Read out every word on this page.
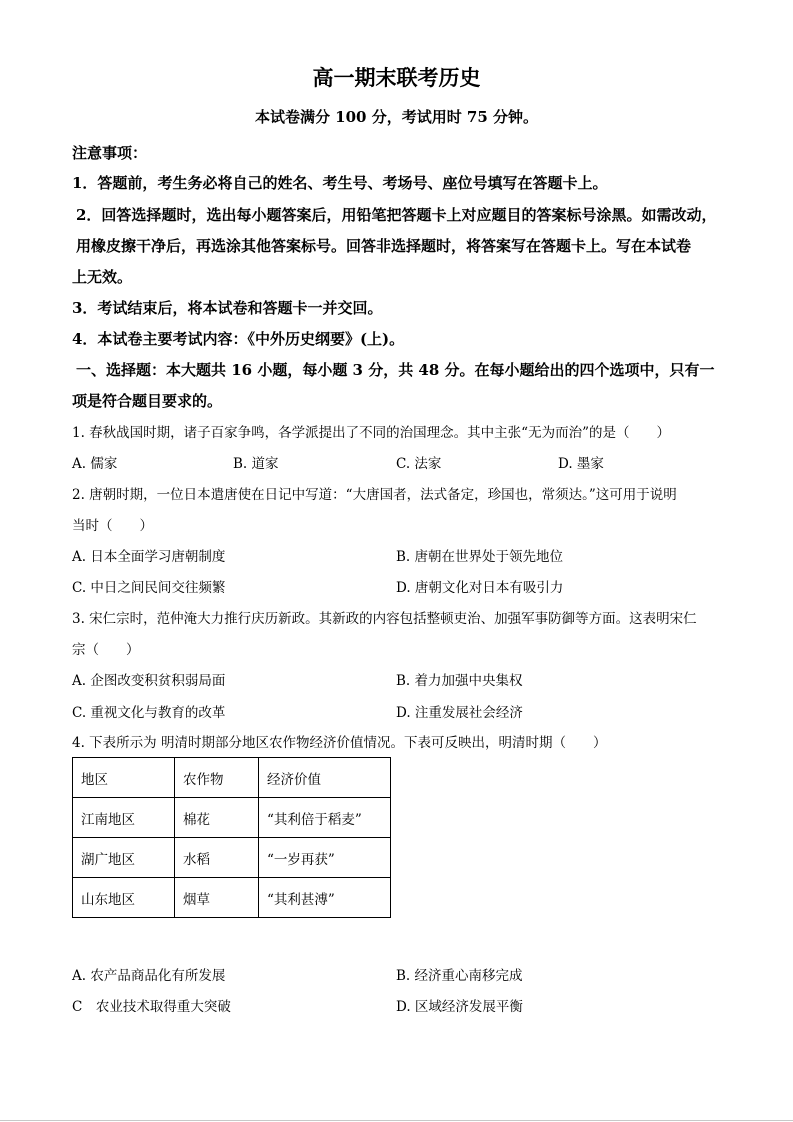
高一期末联考历史
本试卷满分 100 分，考试用时 75 分钟。
注意事项：
1．答题前，考生务必将自己的姓名、考生号、考场号、座位号填写在答题卡上。
2．回答选择题时，选出每小题答案后，用铅笔把答题卡上对应题目的答案标号涂黑。如需改动，
用橡皮擦干净后，再选涂其他答案标号。回答非选择题时，将答案写在答题卡上。写在本试卷
上无效。
3．考试结束后，将本试卷和答题卡一并交回。
4．本试卷主要考试内容：《中外历史纲要》(上)。
一、选择题：本大题共 16 小题，每小题 3 分，共 48 分。在每小题给出的四个选项中，只有一
项是符合题目要求的。
1. 春秋战国时期，诸子百家争鸣，各学派提出了不同的治国理念。其中主张“无为而治”的是（　　）
A. 儒家	B. 道家	C. 法家	D. 墨家
2. 唐朝时期，一位日本遣唐使在日记中写道：“大唐国者，法式备定，珍国也，常须达。”这可用于说明
当时（　　）
A. 日本全面学习唐朝制度	B. 唐朝在世界处于领先地位
C. 中日之间民间交往频繁	D. 唐朝文化对日本有吸引力
3. 宋仁宗时，范仲淹大力推行庆历新政。其新政的内容包括整顿吏治、加强军事防御等方面。这表明宋仁
宗（　　）
A. 企图改变积贫积弱局面	B. 着力加强中央集权
C. 重视文化与教育的改革	D. 注重发展社会经济
4. 下表所示为 明清时期部分地区农作物经济价值情况。下表可反映出，明清时期（　　）
地区	农作物	经济价值
江南地区	棉花	“其利倍于稻麦”
湖广地区	水稻	“一岁再获”
山东地区	烟草	“其利甚溥”
A. 农产品商品化有所发展	B. 经济重心南移完成
C　农业技术取得重大突破	D. 区域经济发展平衡
